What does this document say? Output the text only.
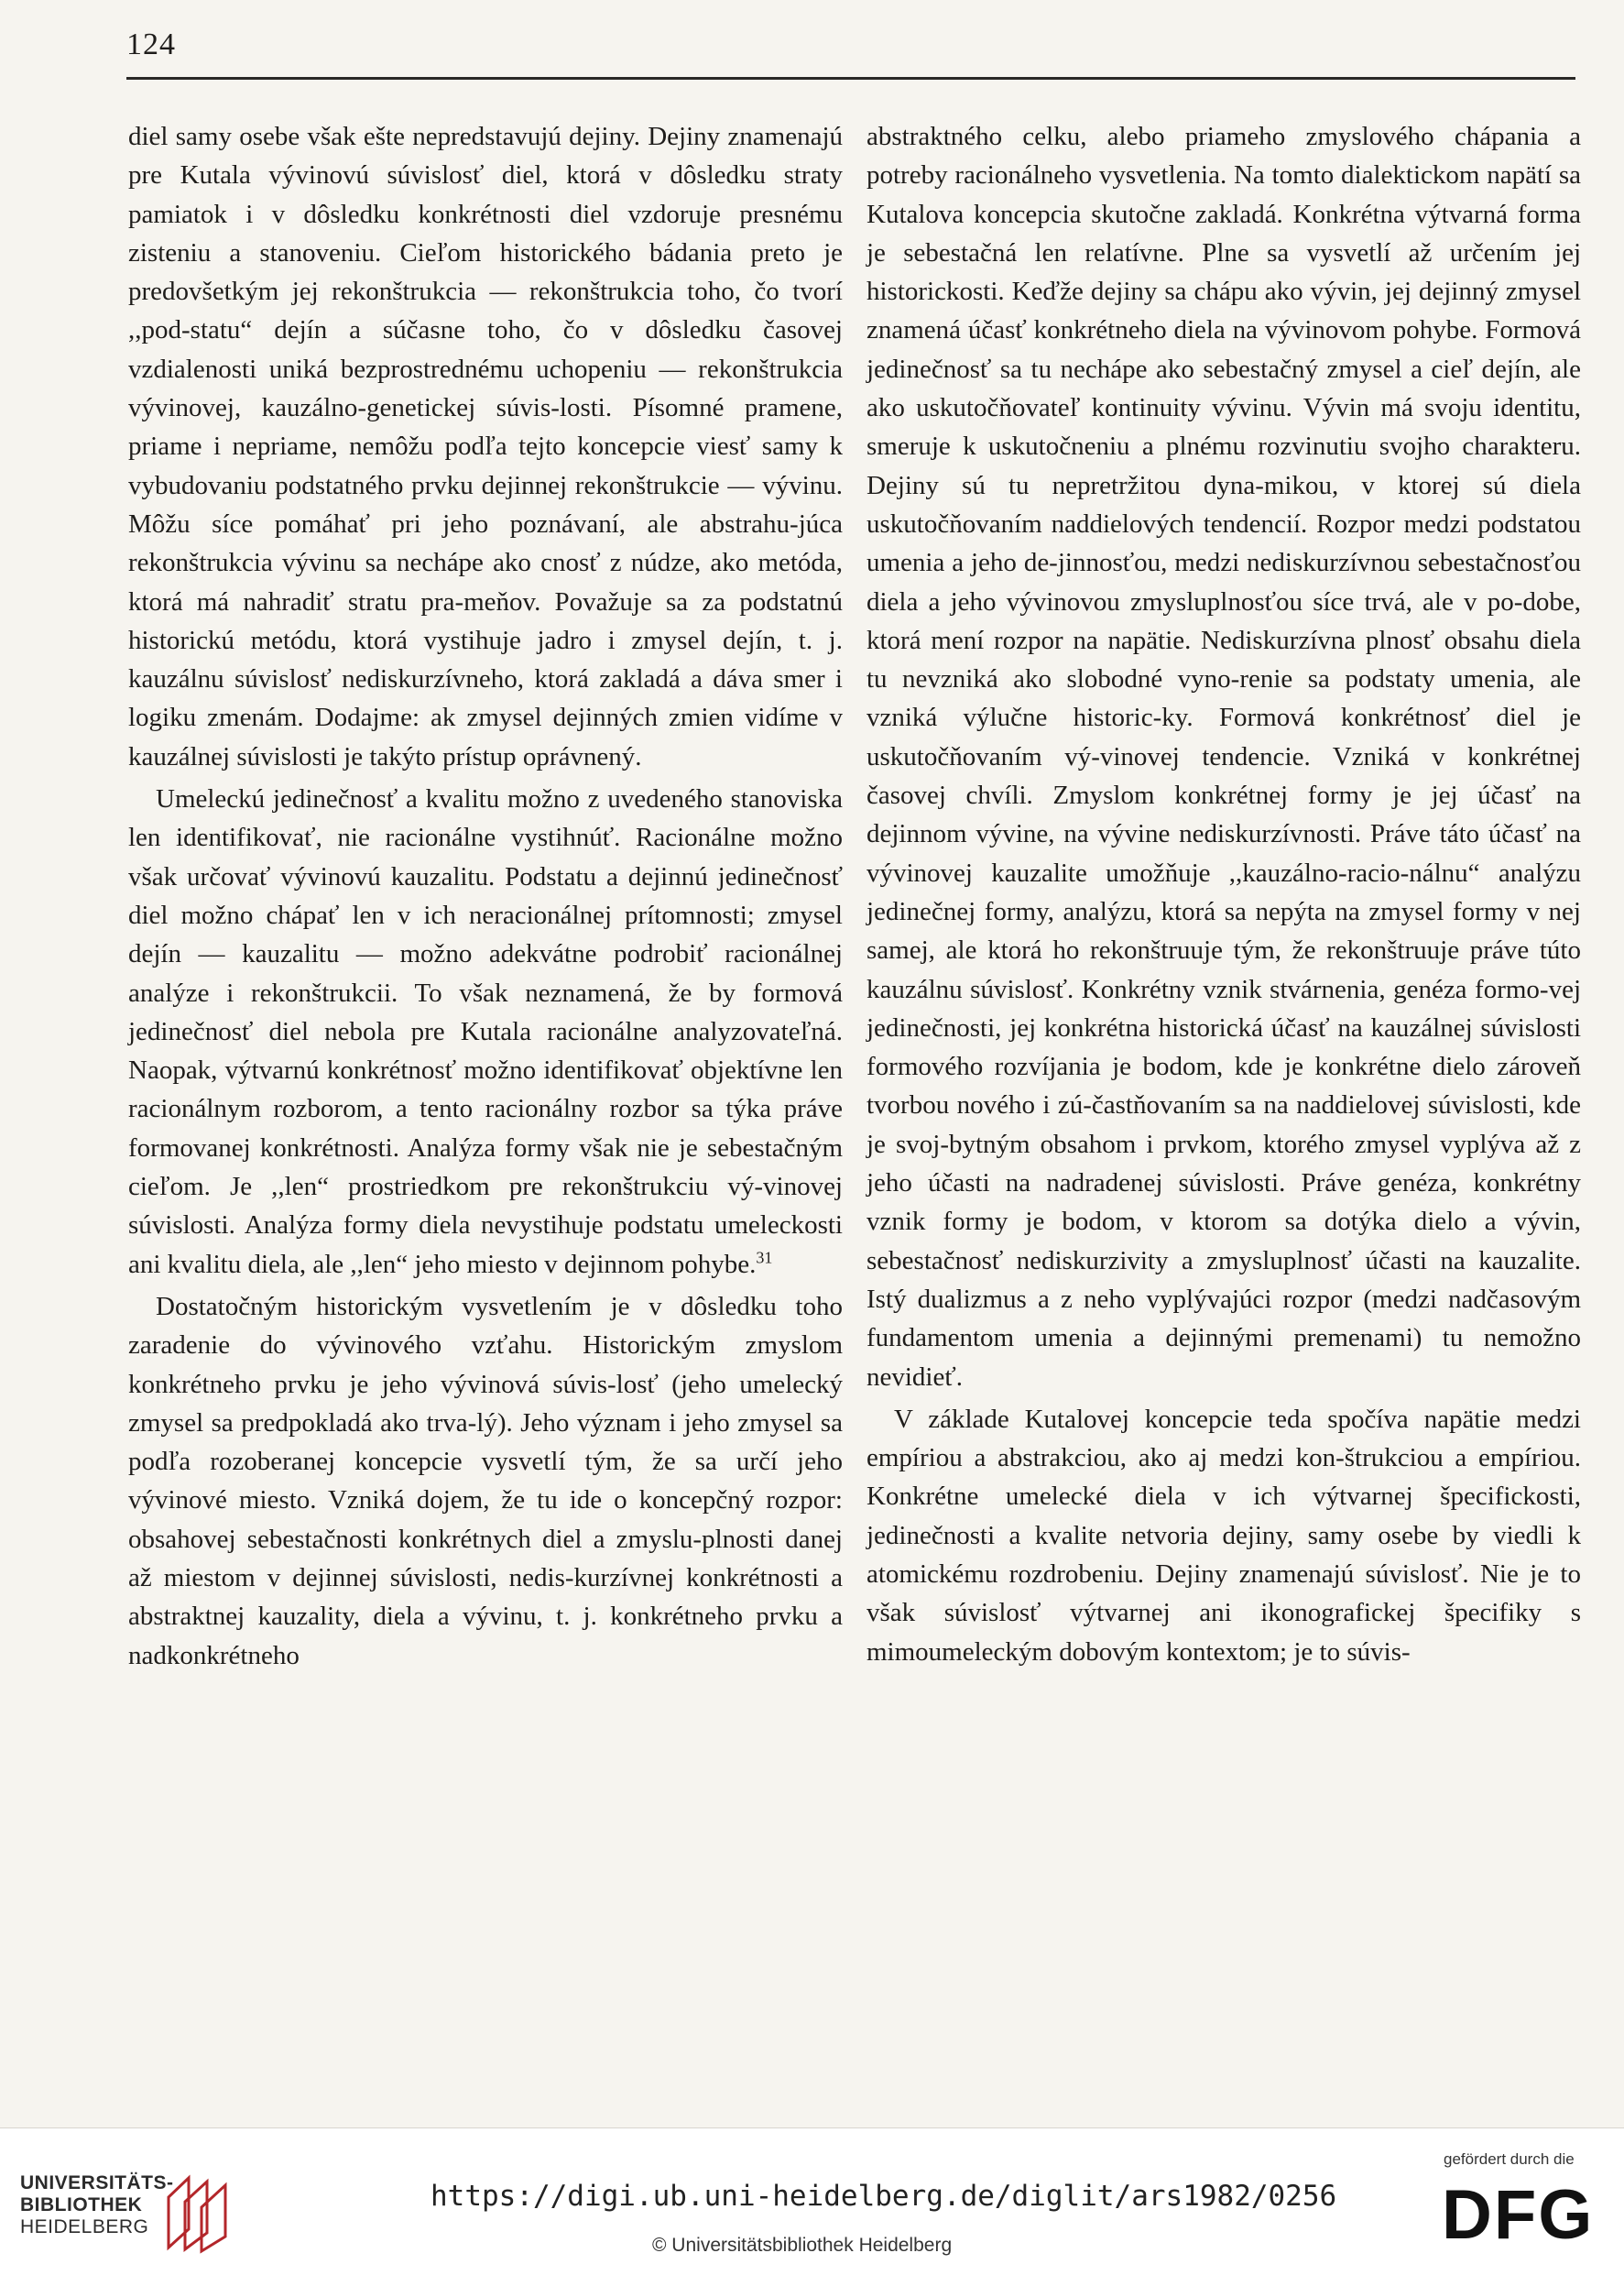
124

diel samy osebe však ešte nepredstavujú dejiny. Dejiny znamenajú pre Kutala vývinovú súvislosť diel, ktorá v dôsledku straty pamiatok i v dôsledku konkrétnosti diel vzdoruje presnému zisteniu a stanoveniu. Cieľom historického bádania preto je predovšetkým jej rekonštrukcia — rekonštrukcia toho, čo tvorí ,,pod-statu“ dejín a súčasne toho, čo v dôsledku časovej vzdialenosti uniká bezprostrednému uchopeniu — rekonštrukcia vývinovej, kauzálno-genetickej súvis-losti. Písomné pramene, priame i nepriame, nemôžu podľa tejto koncepcie viesť samy k vybudovaniu podstatného prvku dejinnej rekonštrukcie — vývinu. Môžu síce pomáhať pri jeho poznávaní, ale abstrahu-júca rekonštrukcia vývinu sa nechápe ako cnosť z núdze, ako metóda, ktorá má nahradiť stratu pra-meňov. Považuje sa za podstatnú historickú metódu, ktorá vystihuje jadro i zmysel dejín, t. j. kauzálnu súvislosť nediskurzívneho, ktorá zakladá a dáva smer i logiku zmenám. Dodajme: ak zmysel dejinných zmien vidíme v kauzálnej súvislosti je takýto prístup oprávnený.

Umeleckú jedinečnosť a kvalitu možno z uvedeného stanoviska len identifikovať, nie racionálne vystihnúť. Racionálne možno však určovať vývinovú kauzalitu. Podstatu a dejinnú jedinečnosť diel možno chápať len v ich neracionálnej prítomnosti; zmysel dejín — kauzalitu — možno adekvátne podrobiť racionálnej analýze i rekonštrukcii. To však neznamená, že by formová jedinečnosť diel nebola pre Kutala racionálne analyzovateľná. Naopak, výtvarnú konkrétnosť možno identifikovať objektívne len racionálnym rozborom, a tento racionálny rozbor sa týka práve formovanej konkrétnosti. Analýza formy však nie je sebestačným cieľom. Je ,,len“ prostriedkom pre rekonštrukciu vý-vinovej súvislosti. Analýza formy diela nevystihuje podstatu umeleckosti ani kvalitu diela, ale ,,len“ jeho miesto v dejinnom pohybe.$^{31}$

Dostatočným historickým vysvetlením je v dôsledku toho zaradenie do vývinového vzťahu. Historickým zmyslom konkrétneho prvku je jeho vývinová súvis-losť (jeho umelecký zmysel sa predpokladá ako trva-lý). Jeho význam i jeho zmysel sa podľa rozoberanej koncepcie vysvetlí tým, že sa určí jeho vývinové miesto. Vzniká dojem, že tu ide o koncepčný rozpor: obsahovej sebestačnosti konkrétnych diel a zmyslu-plnosti danej až miestom v dejinnej súvislosti, nedis-kurzívnej konkrétnosti a abstraktnej kauzality, diela a vývinu, t. j. konkrétneho prvku a nadkonkrétneho

abstraktného celku, alebo priameho zmyslového chápania a potreby racionálneho vysvetlenia. Na tomto dialektickom napätí sa Kutalova koncepcia skutočne zakladá. Konkrétna výtvarná forma je sebestačná len relatívne. Plne sa vysvetlí až určením jej historickosti. Keďže dejiny sa chápu ako vývin, jej dejinný zmysel znamená účasť konkrétneho diela na vývinovom pohybe. Formová jedinečnosť sa tu nechápe ako sebestačný zmysel a cieľ dejín, ale ako uskutočňovateľ kontinuity vývinu. Vývin má svoju identitu, smeruje k uskutočneniu a plnému rozvinutiu svojho charakteru. Dejiny sú tu nepretržitou dyna-mikou, v ktorej sú diela uskutočňovaním naddielových tendencií. Rozpor medzi podstatou umenia a jeho de-jinnosťou, medzi nediskurzívnou sebestačnosťou diela a jeho vývinovou zmysluplnosťou síce trvá, ale v po-dobe, ktorá mení rozpor na napätie. Nediskurzívna plnosť obsahu diela tu nevzniká ako slobodné vyno-renie sa podstaty umenia, ale vzniká výlučne historic-ky. Formová konkrétnosť diel je uskutočňovaním vý-vinovej tendencie. Vzniká v konkrétnej časovej chvíli. Zmyslom konkrétnej formy je jej účasť na dejinnom vývine, na vývine nediskurzívnosti. Práve táto účasť na vývinovej kauzalite umožňuje ,,kauzálno-racio-nálnu“ analýzu jedinečnej formy, analýzu, ktorá sa nepýta na zmysel formy v nej samej, ale ktorá ho rekonštruuje tým, že rekonštruuje práve túto kauzálnu súvislosť. Konkrétny vznik stvárnenia, genéza formo-vej jedinečnosti, jej konkrétna historická účasť na kauzálnej súvislosti formového rozvíjania je bodom, kde je konkrétne dielo zároveň tvorbou nového i zú-častňovaním sa na naddielovej súvislosti, kde je svoj-bytným obsahom i prvkom, ktorého zmysel vyplýva až z jeho účasti na nadradenej súvislosti. Práve genéza, konkrétny vznik formy je bodom, v ktorom sa dotýka dielo a vývin, sebestačnosť nediskurzivity a zmysluplnosť účasti na kauzalite. Istý dualizmus a z neho vyplývajúci rozpor (medzi nadčasovým fundamentom umenia a dejinnými premenami) tu nemožno nevidieť.

V základe Kutalovej koncepcie teda spočíva napätie medzi empíriou a abstrakciou, ako aj medzi kon-štrukciou a empíriou. Konkrétne umelecké diela v ich výtvarnej špecifickosti, jedinečnosti a kvalite netvoria dejiny, samy osebe by viedli k atomickému rozdrobeniu. Dejiny znamenajú súvislosť. Nie je to však súvislosť výtvarnej ani ikonografickej špecifiky s mimoumeleckým dobovým kontextom; je to súvis-

UNIVERSITÄTS-
BIBLIOTHEK
HEIDELBERG
https://digi.ub.uni-heidelberg.de/diglit/ars1982/0256
© Universitätsbibliothek Heidelberg
gefördert durch die
DFG
